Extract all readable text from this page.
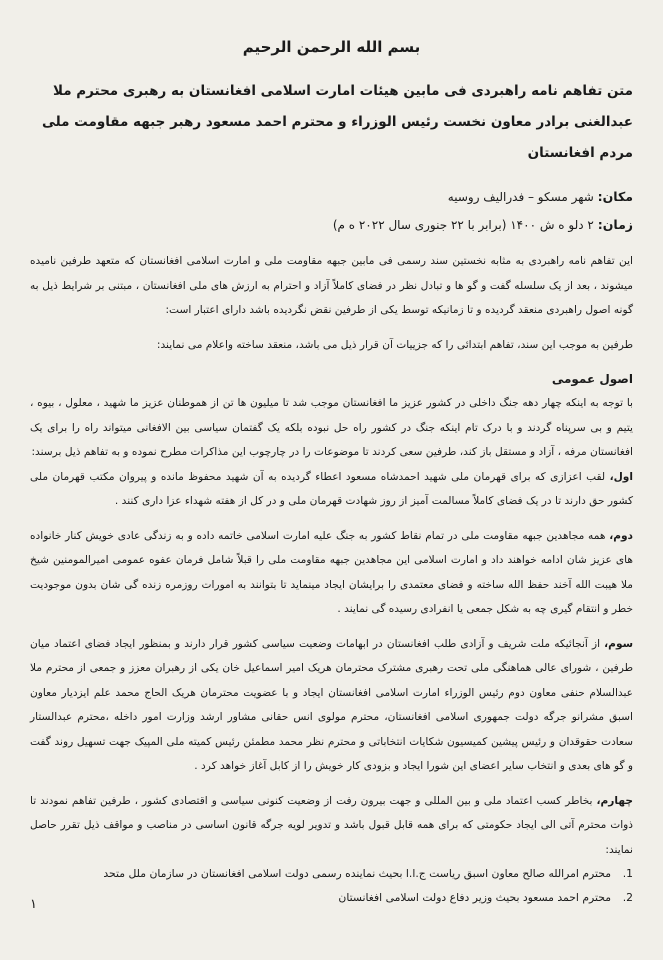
بسم الله الرحمن الرحیم

متن تفاهم نامه راهبردی فی مابین هیئات امارت اسلامی افغانستان به رهبری محترم ملا عبدالغنی برادر معاون نخست رئیس الوزراء و محترم احمد مسعود رهبر جبهه مقاومت ملی مردم افغانستان

مکان: شهر مسکو – فدرالیف روسیه

زمان: ۲ دلو ه ش ۱۴۰۰ (برابر با ۲۲ جنوری سال ۲۰۲۲ ه م)

این تفاهم نامه راهبردی به مثابه نخستین سند رسمی فی مابین جبهه مقاومت ملی و امارت اسلامی افغانستان که متعهد طرفین نامیده میشوند ، بعد از یک سلسله گفت و گو ها و تبادل نظر در فضای کاملاً آزاد و احترام به ارزش های ملی افغانستان ، مبتنی بر شرایط ذیل به گونه اصول راهبردی منعقد گردیده و تا زمانیکه توسط یکی از طرفین نقض نگردیده باشد دارای اعتبار است:

طرفین به موجب این سند، تفاهم ابتدائی را که جزییات آن قرار ذیل می باشد، منعقد ساخته واعلام می نمایند:

اصول عمومی

با توجه به اینکه چهار دهه جنگ داخلی در کشور عزیز ما افغانستان موجب شد تا میلیون ها تن از هموطنان عزیز ما شهید ، معلول ، بیوه ، یتیم و بی سرپناه گردند و با درک تام اینکه جنگ در کشور راه حل نبوده بلکه یک گفتمان سیاسی بین الافغانی میتواند راه را برای یک افغانستان مرفه ، آزاد و مستقل باز کند، طرفین سعی کردند تا موضوعات را در چارچوب این مذاکرات مطرح نموده و به تفاهم ذیل برسند:

اول، لقب اعزازی که برای قهرمان ملی شهید احمدشاه مسعود اعطاء گردیده به آن شهید محفوظ مانده و پیروان مکتب قهرمان ملی کشور حق دارند تا در یک فضای کاملاً مسالمت آمیز از روز شهادت قهرمان ملی و در کل از هفته شهداء عزا داری کنند .

دوم، همه مجاهدین جبهه مقاومت ملی در تمام نقاط کشور به جنگ علیه امارت اسلامی خاتمه داده و به زندگی عادی خویش کنار خانواده های عزیز شان ادامه خواهند داد و امارت اسلامی این مجاهدین جبهه مقاومت ملی را قبلاً شامل فرمان عفوه عمومی امیرالمومنین شیخ ملا هیبت الله آخند حفظ الله ساخته و فضای معتمدی را برایشان ایجاد مینماید تا بتوانند به امورات روزمره زنده گی شان بدون موجودیت خطر و انتقام گیری چه به شکل جمعی یا انفرادی رسیده گی نمایند .

سوم، از آنجائیکه ملت شریف و آزادی طلب افغانستان در ابهامات وضعیت سیاسی کشور قرار دارند و بمنظور ایجاد فضای اعتماد میان طرفین ، شورای عالی هماهنگی ملی تحت رهبری مشترک محترمان هریک امیر اسماعیل خان یکی از رهبران معزز و جمعی از محترم ملا عبدالسلام حنفی معاون دوم رئیس الوزراء امارت اسلامی افغانستان ایجاد و با عضویت محترمان هریک الحاج محمد علم ایزدیار معاون اسبق مشرانو جرگه دولت جمهوری اسلامی افغانستان، محترم مولوی انس حقانی مشاور ارشد وزارت امور داخله ،محترم عبدالستار سعادت حقوقدان و رئیس پیشین کمیسیون شکایات انتخاباتی و محترم نظر محمد مطمئن رئیس کمیته ملی المپیک جهت تسهیل روند گفت و گو های بعدی و انتخاب سایر اعضای این شورا ایجاد و بزودی کار خویش را از کابل آغاز خواهد کرد .

چهارم، بخاطر کسب اعتماد ملی و بین المللی و جهت بیرون رفت از وضعیت کنونی سیاسی و اقتصادی کشور ، طرفین تفاهم نمودند تا ذوات محترم آتی الی ایجاد حکومتی که برای همه قابل قبول باشد و تدویر لویه جرگه قانون اساسی در مناصب و مواقف ذیل تقرر حاصل نمایند:

1.
محترم امرالله صالح معاون اسبق ریاست ج.ا.ا بحیث نماینده رسمی دولت اسلامی افغانستان در سازمان ملل متحد
2.
محترم احمد مسعود بحیث وزیر دفاع دولت اسلامی افغانستان
۱
